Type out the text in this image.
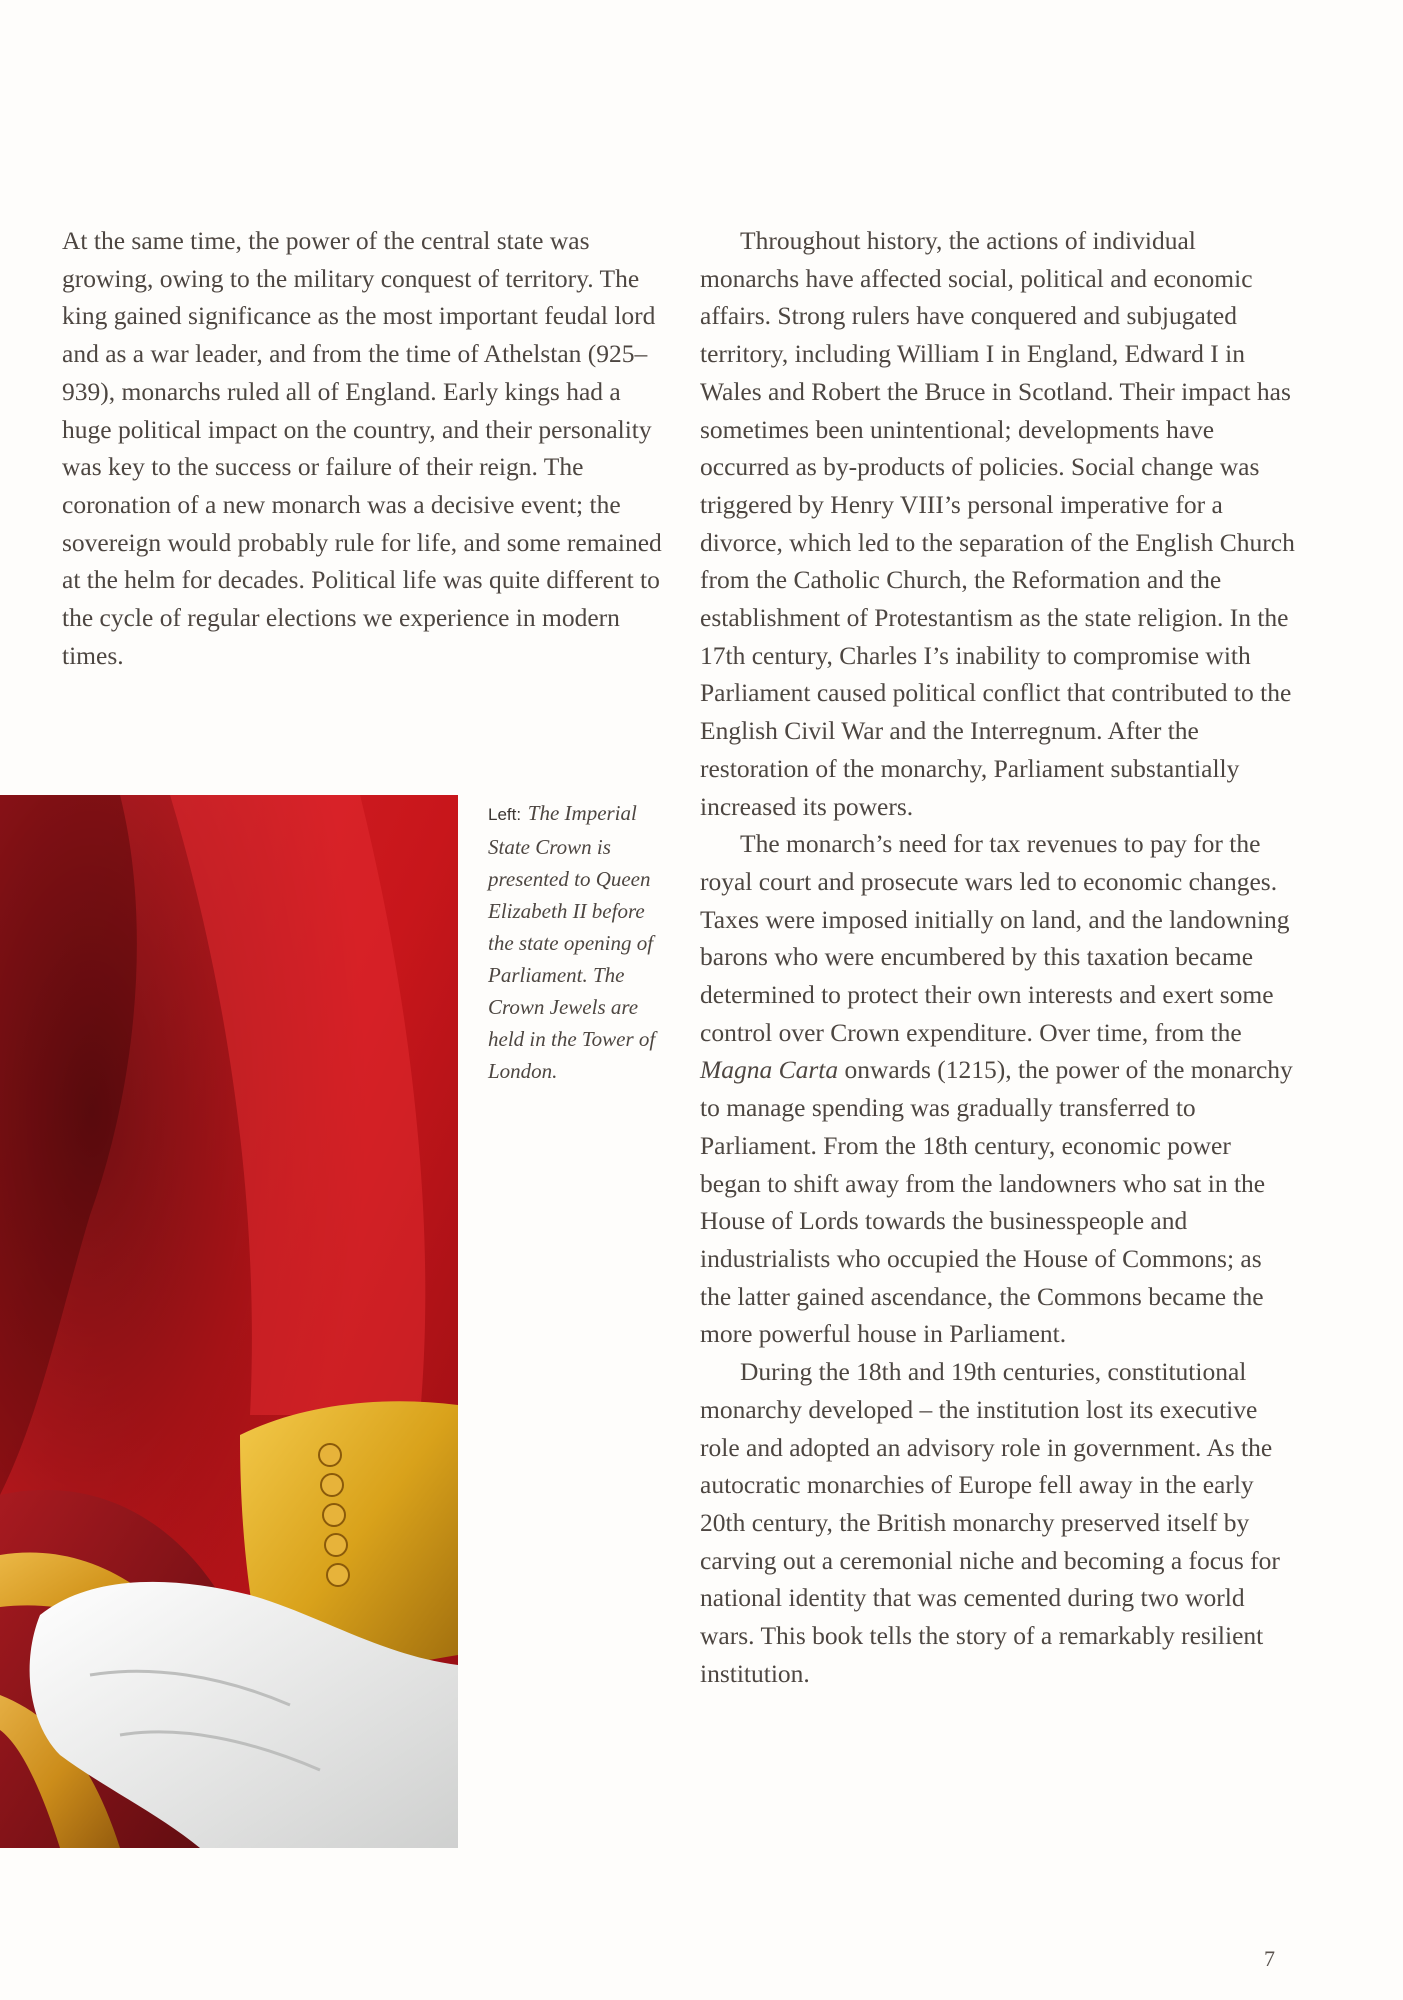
At the same time, the power of the central state was growing, owing to the military conquest of territory. The king gained significance as the most important feudal lord and as a war leader, and from the time of Athelstan (925–939), monarchs ruled all of England. Early kings had a huge political impact on the country, and their personality was key to the success or failure of their reign. The coronation of a new monarch was a decisive event; the sovereign would probably rule for life, and some remained at the helm for decades. Political life was quite different to the cycle of regular elections we experience in modern times.

Left: The Imperial State Crown is presented to Queen Elizabeth II before the state opening of Parliament. The Crown Jewels are held in the Tower of London.

Throughout history, the actions of individual monarchs have affected social, political and economic affairs. Strong rulers have conquered and subjugated territory, including William I in England, Edward I in Wales and Robert the Bruce in Scotland. Their impact has sometimes been unintentional; developments have occurred as by-products of policies. Social change was triggered by Henry VIII’s personal imperative for a divorce, which led to the separation of the English Church from the Catholic Church, the Reformation and the establishment of Protestantism as the state religion. In the 17th century, Charles I’s inability to compromise with Parliament caused political conflict that contributed to the English Civil War and the Interregnum. After the restoration of the monarchy, Parliament substantially increased its powers.

The monarch’s need for tax revenues to pay for the royal court and prosecute wars led to economic changes. Taxes were imposed initially on land, and the landowning barons who were encumbered by this taxation became determined to protect their own interests and exert some control over Crown expenditure. Over time, from the Magna Carta onwards (1215), the power of the monarchy to manage spending was gradually transferred to Parliament. From the 18th century, economic power began to shift away from the landowners who sat in the House of Lords towards the businesspeople and industrialists who occupied the House of Commons; as the latter gained ascendance, the Commons became the more powerful house in Parliament.

During the 18th and 19th centuries, constitutional monarchy developed – the institution lost its executive role and adopted an advisory role in government. As the autocratic monarchies of Europe fell away in the early 20th century, the British monarchy preserved itself by carving out a ceremonial niche and becoming a focus for national identity that was cemented during two world wars. This book tells the story of a remarkably resilient institution.

7
